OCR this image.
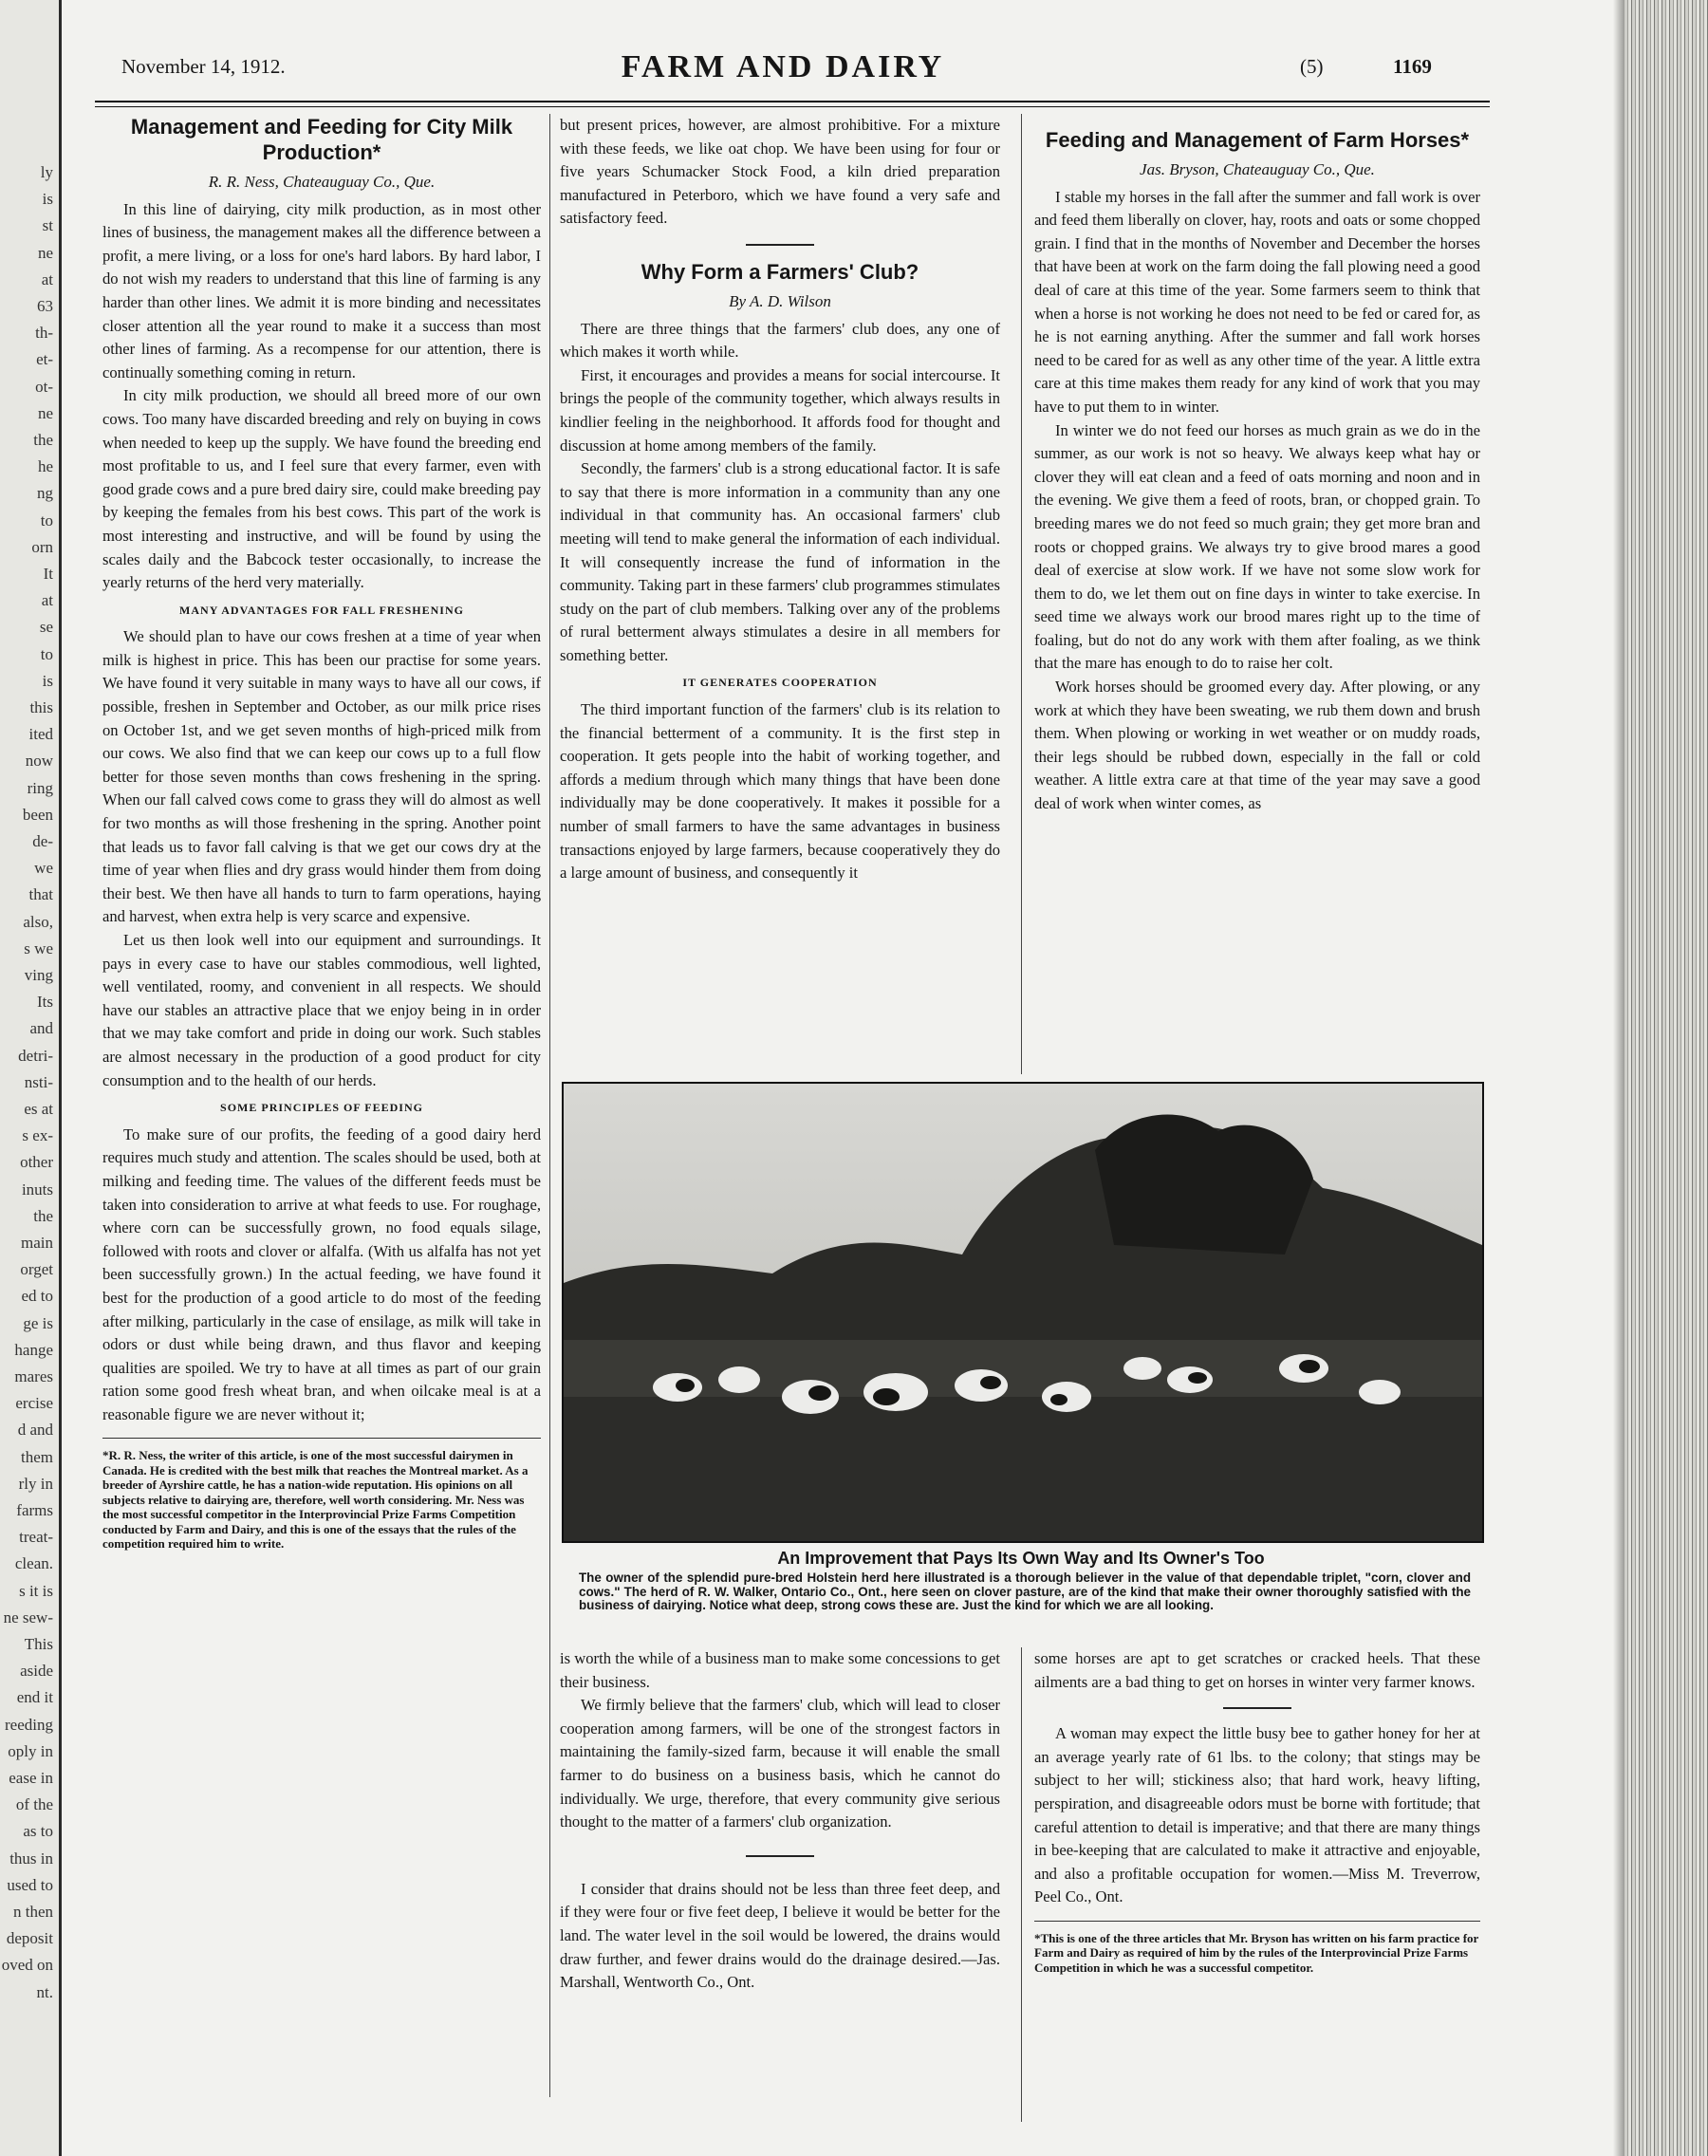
ly
is
st
ne
at
63
th-
et-
ot-
ne
the
he
ng
to
orn
It
at
se
to
is
this
ited
now
ring
been
de-
we
that
also,
s we
ving
Its
and
detri-
nsti-
es at
s ex-
other
inuts
the
main
orget
ed to
ge is
hange
mares
ercise
d and
them
rly in
farms
treat-
clean.
s it is
ne sew-
This
aside
end it
reeding
oply in
ease in
of the
as to
thus in
used to
n then
deposit
oved on
nt.
November 14, 1912.	FARM AND DAIRY	(5)	1169
Management and Feeding for City Milk Production*
R. R. Ness, Chateauguay Co., Que.

In this line of dairying, city milk production, as in most other lines of business, the management makes all the difference between a profit, a mere living, or a loss for one's hard labors. By hard labor, I do not wish my readers to understand that this line of farming is any harder than other lines. We admit it is more binding and necessitates closer attention all the year round to make it a success than most other lines of farming. As a recompense for our attention, there is continually something coming in return.

In city milk production, we should all breed more of our own cows. Too many have discarded breeding and rely on buying in cows when needed to keep up the supply. We have found the breeding end most profitable to us, and I feel sure that every farmer, even with good grade cows and a pure bred dairy sire, could make breeding pay by keeping the females from his best cows. This part of the work is most interesting and instructive, and will be found by using the scales daily and the Babcock tester occasionally, to increase the yearly returns of the herd very materially.

MANY ADVANTAGES FOR FALL FRESHENING

We should plan to have our cows freshen at a time of year when milk is highest in price. This has been our practise for some years. We have found it very suitable in many ways to have all our cows, if possible, freshen in September and October, as our milk price rises on October 1st, and we get seven months of high-priced milk from our cows. We also find that we can keep our cows up to a full flow better for those seven months than cows freshening in the spring. When our fall calved cows come to grass they will do almost as well for two months as will those freshening in the spring. Another point that leads us to favor fall calving is that we get our cows dry at the time of year when flies and dry grass would hinder them from doing their best. We then have all hands to turn to farm operations, haying and harvest, when extra help is very scarce and expensive.

Let us then look well into our equipment and surroundings. It pays in every case to have our stables commodious, well lighted, well ventilated, roomy, and convenient in all respects. We should have our stables an attractive place that we enjoy being in in order that we may take comfort and pride in doing our work. Such stables are almost necessary in the production of a good product for city consumption and to the health of our herds.

SOME PRINCIPLES OF FEEDING

To make sure of our profits, the feeding of a good dairy herd requires much study and attention. The scales should be used, both at milking and feeding time. The values of the different feeds must be taken into consideration to arrive at what feeds to use. For roughage, where corn can be successfully grown, no food equals silage, followed with roots and clover or alfalfa. (With us alfalfa has not yet been successfully grown.) In the actual feeding, we have found it best for the production of a good article to do most of the feeding after milking, particularly in the case of ensilage, as milk will take in odors or dust while being drawn, and thus flavor and keeping qualities are spoiled. We try to have at all times as part of our grain ration some good fresh wheat bran, and when oilcake meal is at a reasonable figure we are never without it;

*R. R. Ness, the writer of this article, is one of the most successful dairymen in Canada. He is credited with the best milk that reaches the Montreal market. As a breeder of Ayrshire cattle, he has a nation-wide reputation. His opinions on all subjects relative to dairying are, therefore, well worth considering. Mr. Ness was the most successful competitor in the Interprovincial Prize Farms Competition conducted by Farm and Dairy, and this is one of the essays that the rules of the competition required him to write.

but present prices, however, are almost prohibitive. For a mixture with these feeds, we like oat chop. We have been using for four or five years Schumacker Stock Food, a kiln dried preparation manufactured in Peterboro, which we have found a very safe and satisfactory feed.

Why Form a Farmers' Club?
By A. D. Wilson

There are three things that the farmers' club does, any one of which makes it worth while.

First, it encourages and provides a means for social intercourse. It brings the people of the community together, which always results in kindlier feeling in the neighborhood. It affords food for thought and discussion at home among members of the family.

Secondly, the farmers' club is a strong educational factor. It is safe to say that there is more information in a community than any one individual in that community has. An occasional farmers' club meeting will tend to make general the information of each individual. It will consequently increase the fund of information in the community. Taking part in these farmers' club programmes stimulates study on the part of club members. Talking over any of the problems of rural betterment always stimulates a desire in all members for something better.

IT GENERATES COOPERATION

The third important function of the farmers' club is its relation to the financial betterment of a community. It is the first step in cooperation. It gets people into the habit of working together, and affords a medium through which many things that have been done individually may be done cooperatively. It makes it possible for a number of small farmers to have the same advantages in business transactions enjoyed by large farmers, because cooperatively they do a large amount of business, and consequently it

Feeding and Management of Farm Horses*
Jas. Bryson, Chateauguay Co., Que.

I stable my horses in the fall after the summer and fall work is over and feed them liberally on clover, hay, roots and oats or some chopped grain. I find that in the months of November and December the horses that have been at work on the farm doing the fall plowing need a good deal of care at this time of the year. Some farmers seem to think that when a horse is not working he does not need to be fed or cared for, as he is not earning anything. After the summer and fall work horses need to be cared for as well as any other time of the year. A little extra care at this time makes them ready for any kind of work that you may have to put them to in winter.

In winter we do not feed our horses as much grain as we do in the summer, as our work is not so heavy. We always keep what hay or clover they will eat clean and a feed of oats morning and noon and in the evening. We give them a feed of roots, bran, or chopped grain. To breeding mares we do not feed so much grain; they get more bran and roots or chopped grains. We always try to give brood mares a good deal of exercise at slow work. If we have not some slow work for them to do, we let them out on fine days in winter to take exercise. In seed time we always work our brood mares right up to the time of foaling, but do not do any work with them after foaling, as we think that the mare has enough to do to raise her colt.

Work horses should be groomed every day. After plowing, or any work at which they have been sweating, we rub them down and brush them. When plowing or working in wet weather or on muddy roads, their legs should be rubbed down, especially in the fall or cold weather. A little extra care at that time of the year may save a good deal of work when winter comes, as

An Improvement that Pays Its Own Way and Its Owner's Too
The owner of the splendid pure-bred Holstein herd here illustrated is a thorough believer in the value of that dependable triplet, "corn, clover and cows." The herd of R. W. Walker, Ontario Co., Ont., here seen on clover pasture, are of the kind that make their owner thoroughly satisfied with the business of dairying. Notice what deep, strong cows these are. Just the kind for which we are all looking.

is worth the while of a business man to make some concessions to get their business.

We firmly believe that the farmers' club, which will lead to closer cooperation among farmers, will be one of the strongest factors in maintaining the family-sized farm, because it will enable the small farmer to do business on a business basis, which he cannot do individually. We urge, therefore, that every community give serious thought to the matter of a farmers' club organization.

I consider that drains should not be less than three feet deep, and if they were four or five feet deep, I believe it would be better for the land. The water level in the soil would be lowered, the drains would draw further, and fewer drains would do the drainage desired.—Jas. Marshall, Wentworth Co., Ont.

some horses are apt to get scratches or cracked heels. That these ailments are a bad thing to get on horses in winter very farmer knows.

A woman may expect the little busy bee to gather honey for her at an average yearly rate of 61 lbs. to the colony; that stings may be subject to her will; stickiness also; that hard work, heavy lifting, perspiration, and disagreeable odors must be borne with fortitude; that careful attention to detail is imperative; and that there are many things in bee-keeping that are calculated to make it attractive and enjoyable, and also a profitable occupation for women.—Miss M. Treverrow, Peel Co., Ont.

*This is one of the three articles that Mr. Bryson has written on his farm practice for Farm and Dairy as required of him by the rules of the Interprovincial Prize Farms Competition in which he was a successful competitor.
